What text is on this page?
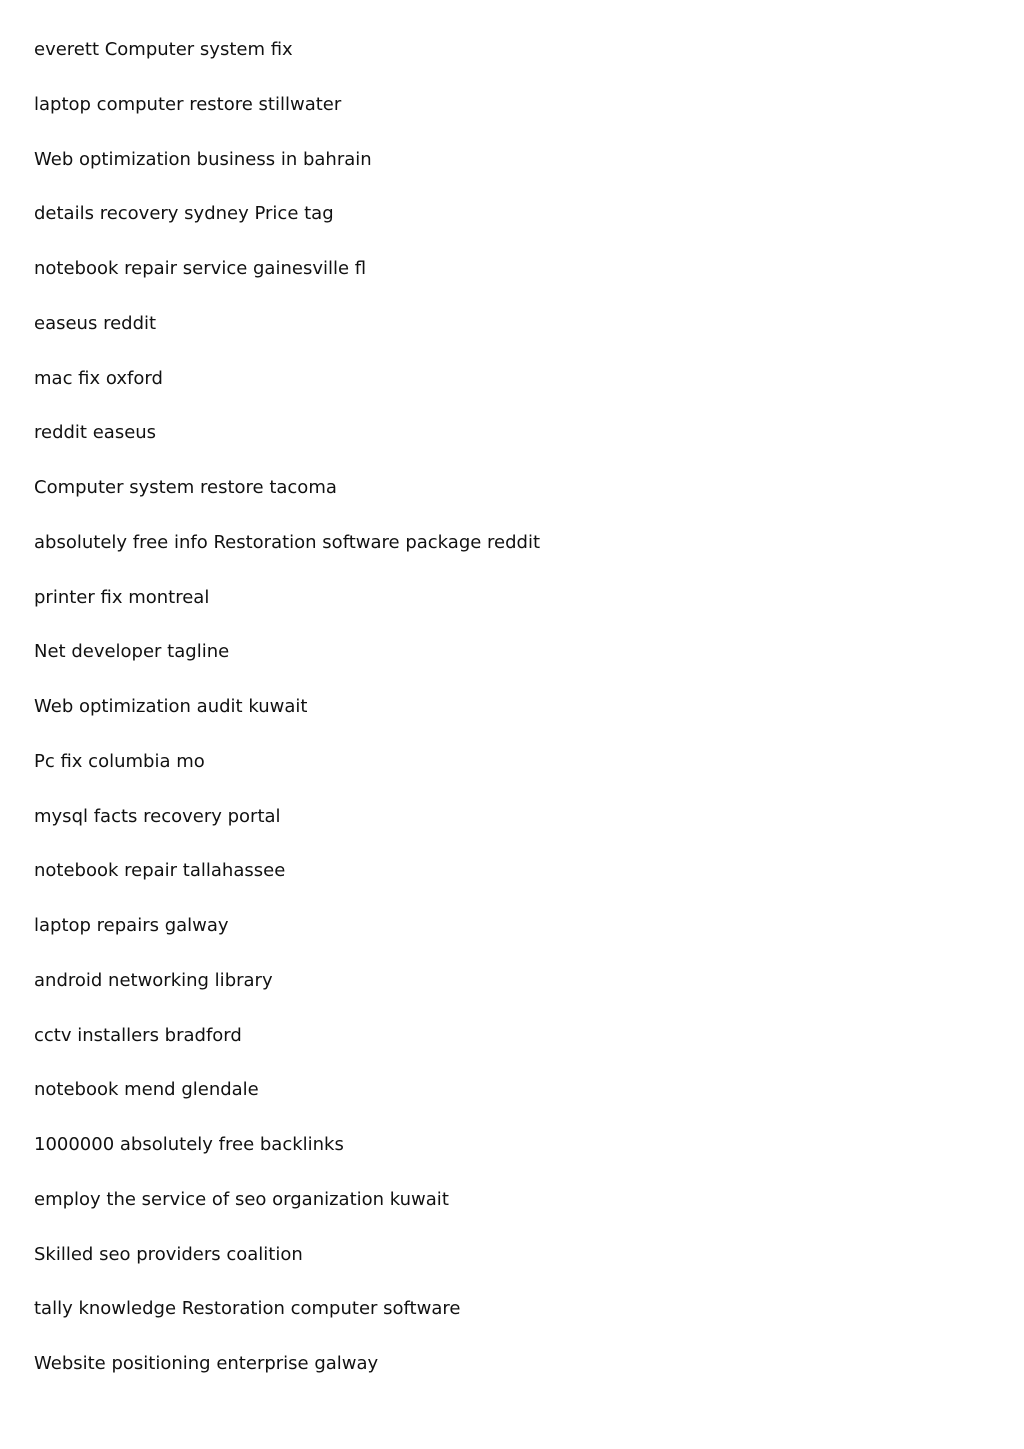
everett Computer system fix
laptop computer restore stillwater
Web optimization business in bahrain
details recovery sydney Price tag
notebook repair service gainesville fl
easeus reddit
mac fix oxford
reddit easeus
Computer system restore tacoma
absolutely free info Restoration software package reddit
printer fix montreal
Net developer tagline
Web optimization audit kuwait
Pc fix columbia mo
mysql facts recovery portal
notebook repair tallahassee
laptop repairs galway
android networking library
cctv installers bradford
notebook mend glendale
1000000 absolutely free backlinks
employ the service of seo organization kuwait
Skilled seo providers coalition
tally knowledge Restoration computer software
Website positioning enterprise galway
